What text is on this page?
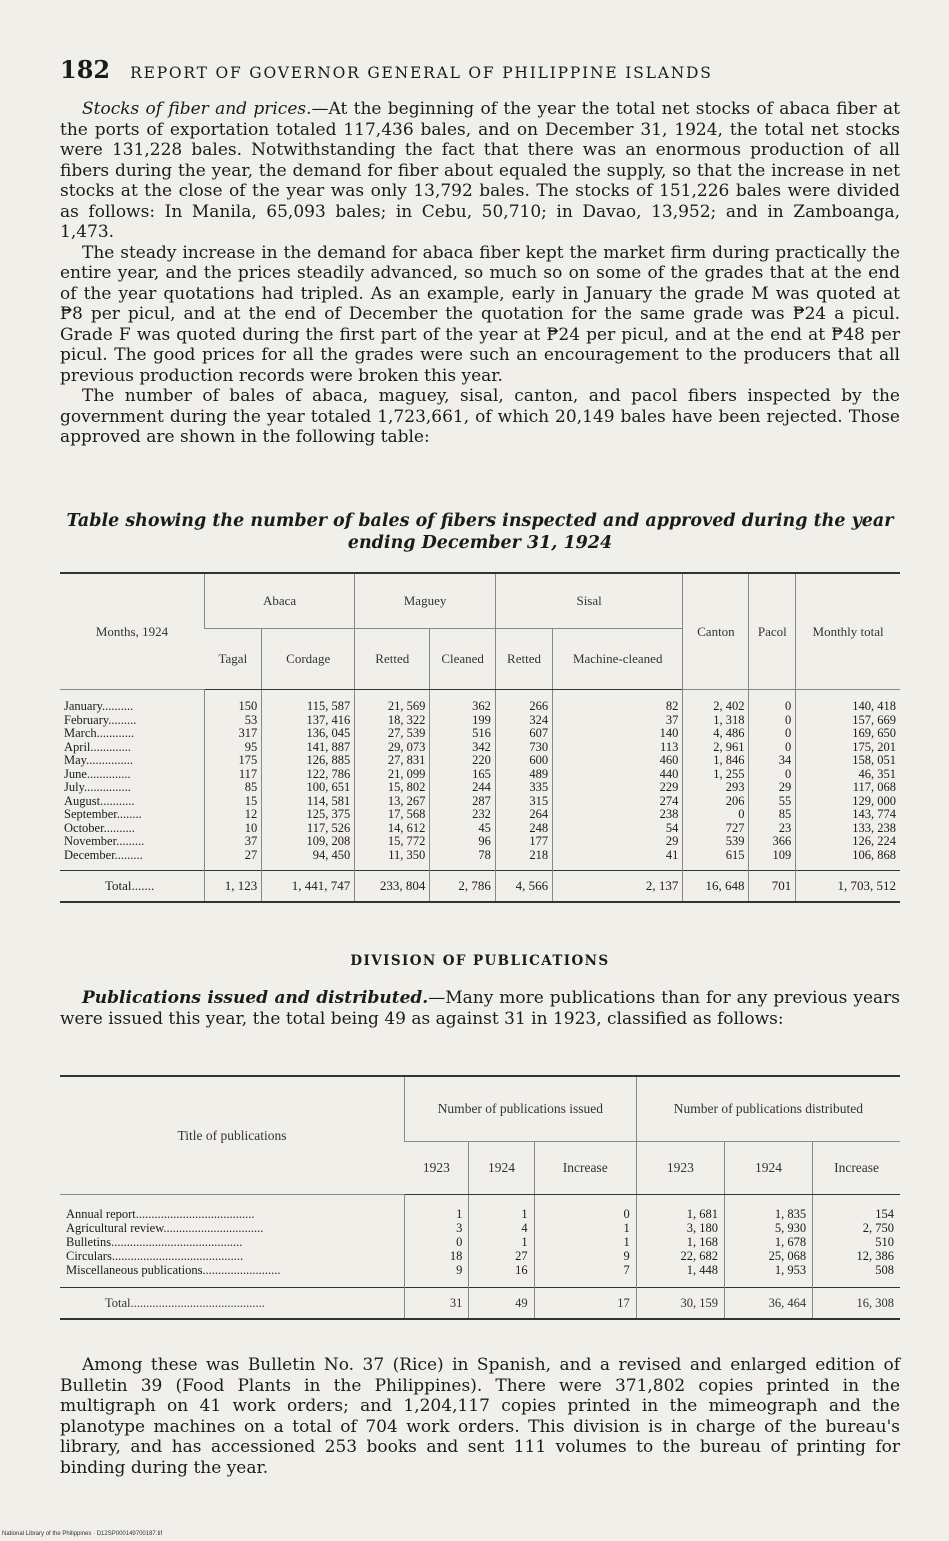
182 REPORT OF GOVERNOR GENERAL OF PHILIPPINE ISLANDS

Stocks of fiber and prices.—At the beginning of the year the total net stocks of abaca fiber at the ports of exportation totaled 117,436 bales, and on December 31, 1924, the total net stocks were 131,228 bales. Notwithstanding the fact that there was an enormous production of all fibers during the year, the demand for fiber about equaled the supply, so that the increase in net stocks at the close of the year was only 13,792 bales. The stocks of 151,226 bales were divided as follows: In Manila, 65,093 bales; in Cebu, 50,710; in Davao, 13,952; and in Zamboanga, 1,473.

The steady increase in the demand for abaca fiber kept the market firm during practically the entire year, and the prices steadily advanced, so much so on some of the grades that at the end of the year quotations had tripled. As an example, early in January the grade M was quoted at ₱8 per picul, and at the end of December the quotation for the same grade was ₱24 a picul. Grade F was quoted during the first part of the year at ₱24 per picul, and at the end at ₱48 per picul. The good prices for all the grades were such an encouragement to the producers that all previous production records were broken this year.

The number of bales of abaca, maguey, sisal, canton, and pacol fibers inspected by the government during the year totaled 1,723,661, of which 20,149 bales have been rejected. Those approved are shown in the following table:

Table showing the number of bales of fibers inspected and approved during the year
ending December 31, 1924
Months, 1924	Abaca		Maguey		Sisal		Canton	Pacol	Monthly total
	Tagal	Cordage	Retted	Cleaned	Retted	Machine-cleaned			
January..........	150	115, 587	21, 569	362	266	82	2, 402	0	140, 418
February.........	53	137, 416	18, 322	199	324	37	1, 318	0	157, 669
March............	317	136, 045	27, 539	516	607	140	4, 486	0	169, 650
April.............	95	141, 887	29, 073	342	730	113	2, 961	0	175, 201
May...............	175	126, 885	27, 831	220	600	460	1, 846	34	158, 051
June..............	117	122, 786	21, 099	165	489	440	1, 255	0	46, 351
July...............	85	100, 651	15, 802	244	335	229	293	29	117, 068
August...........	15	114, 581	13, 267	287	315	274	206	55	129, 000
September........	12	125, 375	17, 568	232	264	238	0	85	143, 774
October..........	10	117, 526	14, 612	45	248	54	727	23	133, 238
November.........	37	109, 208	15, 772	96	177	29	539	366	126, 224
December.........	27	94, 450	11, 350	78	218	41	615	109	106, 868
Total.......	1, 123	1, 441, 747	233, 804	2, 786	4, 566	2, 137	16, 648	701	1, 703, 512
DIVISION OF PUBLICATIONS

Publications issued and distributed.—Many more publications than for any previous years were issued this year, the total being 49 as against 31 in 1923, classified as follows:

Title of publications	Number of publications issued			Number of publications distributed		
	1923	1924	Increase	1923	1924	Increase
Annual report......................................	1	1	0	1, 681	1, 835	154
Agricultural review................................	3	4	1	3, 180	5, 930	2, 750
Bulletins..........................................	0	1	1	1, 168	1, 678	510
Circulars..........................................	18	27	9	22, 682	25, 068	12, 386
Miscellaneous publications.........................	9	16	7	1, 448	1, 953	508
Total...........................................	31	49	17	30, 159	36, 464	16, 308

Among these was Bulletin No. 37 (Rice) in Spanish, and a revised and enlarged edition of Bulletin 39 (Food Plants in the Philippines). There were 371,802 copies printed in the multigraph on 41 work orders; and 1,204,117 copies printed in the mimeograph and the planotype machines on a total of 704 work orders. This division is in charge of the bureau's library, and has accessioned 253 books and sent 111 volumes to the bureau of printing for binding during the year.

National Library of the Philippines · D12SP000149700187.tif
